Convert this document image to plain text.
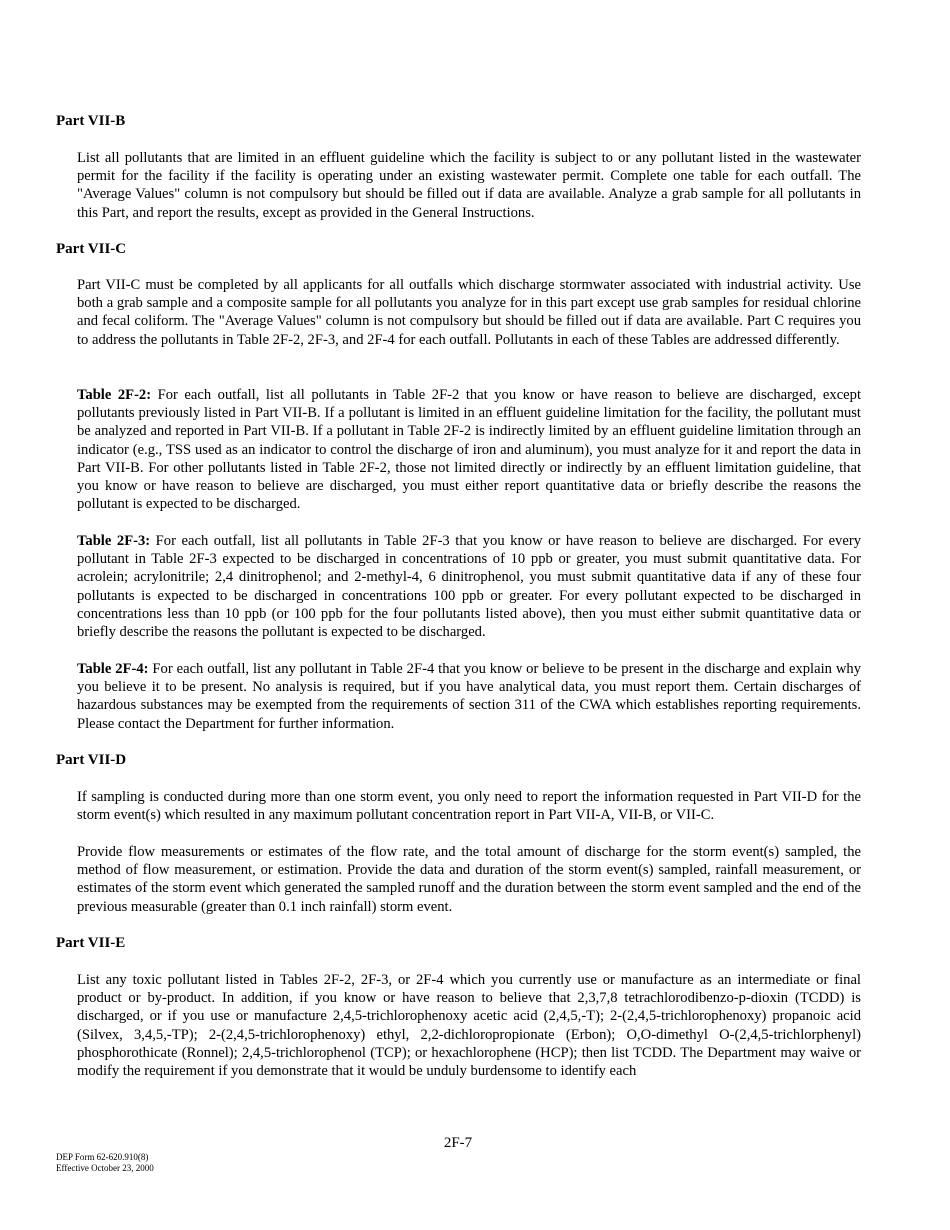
Part VII-B

List all pollutants that are limited in an effluent guideline which the facility is subject to or any pollutant listed in the wastewater permit for the facility if the facility is operating under an existing wastewater permit. Complete one table for each outfall. The "Average Values" column is not compulsory but should be filled out if data are available. Analyze a grab sample for all pollutants in this Part, and report the results, except as provided in the General Instructions.

Part VII-C

Part VII-C must be completed by all applicants for all outfalls which discharge stormwater associated with industrial activity. Use both a grab sample and a composite sample for all pollutants you analyze for in this part except use grab samples for residual chlorine and fecal coliform. The "Average Values" column is not compulsory but should be filled out if data are available. Part C requires you to address the pollutants in Table 2F-2, 2F-3, and 2F-4 for each outfall. Pollutants in each of these Tables are addressed differently.

Table 2F-2: For each outfall, list all pollutants in Table 2F-2 that you know or have reason to believe are discharged, except pollutants previously listed in Part VII-B. If a pollutant is limited in an effluent guideline limitation for the facility, the pollutant must be analyzed and reported in Part VII-B. If a pollutant in Table 2F-2 is indirectly limited by an effluent guideline limitation through an indicator (e.g., TSS used as an indicator to control the discharge of iron and aluminum), you must analyze for it and report the data in Part VII-B. For other pollutants listed in Table 2F-2, those not limited directly or indirectly by an effluent limitation guideline, that you know or have reason to believe are discharged, you must either report quantitative data or briefly describe the reasons the pollutant is expected to be discharged.

Table 2F-3: For each outfall, list all pollutants in Table 2F-3 that you know or have reason to believe are discharged. For every pollutant in Table 2F-3 expected to be discharged in concentrations of 10 ppb or greater, you must submit quantitative data. For acrolein; acrylonitrile; 2,4 dinitrophenol; and 2-methyl-4, 6 dinitrophenol, you must submit quantitative data if any of these four pollutants is expected to be discharged in concentrations 100 ppb or greater. For every pollutant expected to be discharged in concentrations less than 10 ppb (or 100 ppb for the four pollutants listed above), then you must either submit quantitative data or briefly describe the reasons the pollutant is expected to be discharged.

Table 2F-4: For each outfall, list any pollutant in Table 2F-4 that you know or believe to be present in the discharge and explain why you believe it to be present. No analysis is required, but if you have analytical data, you must report them. Certain discharges of hazardous substances may be exempted from the requirements of section 311 of the CWA which establishes reporting requirements. Please contact the Department for further information.

Part VII-D

If sampling is conducted during more than one storm event, you only need to report the information requested in Part VII-D for the storm event(s) which resulted in any maximum pollutant concentration report in Part VII-A, VII-B, or VII-C.

Provide flow measurements or estimates of the flow rate, and the total amount of discharge for the storm event(s) sampled, the method of flow measurement, or estimation. Provide the data and duration of the storm event(s) sampled, rainfall measurement, or estimates of the storm event which generated the sampled runoff and the duration between the storm event sampled and the end of the previous measurable (greater than 0.1 inch rainfall) storm event.

Part VII-E

List any toxic pollutant listed in Tables 2F-2, 2F-3, or 2F-4 which you currently use or manufacture as an intermediate or final product or by-product. In addition, if you know or have reason to believe that 2,3,7,8 tetrachlorodibenzo-p-dioxin (TCDD) is discharged, or if you use or manufacture 2,4,5-trichlorophenoxy acetic acid (2,4,5,-T); 2-(2,4,5-trichlorophenoxy) propanoic acid (Silvex, 3,4,5,-TP); 2-(2,4,5-trichlorophenoxy) ethyl, 2,2-dichloropropionate (Erbon); O,O-dimethyl O-(2,4,5-trichlorphenyl) phosphorothicate (Ronnel); 2,4,5-trichlorophenol (TCP); or hexachlorophene (HCP); then list TCDD. The Department may waive or modify the requirement if you demonstrate that it would be unduly burdensome to identify each

2F-7
DEP Form 62-620.910(8)
Effective October 23, 2000
